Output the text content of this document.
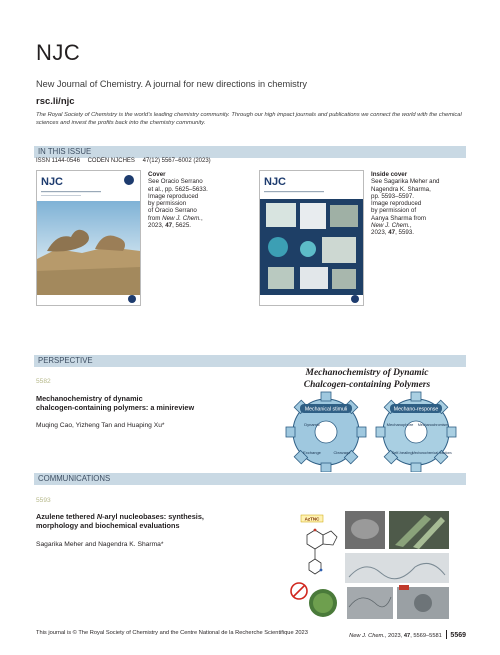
NJC
New Journal of Chemistry. A journal for new directions in chemistry
rsc.li/njc
The Royal Society of Chemistry is the world’s leading chemistry community. Through our high impact journals and publications we connect the world with the chemical sciences and invest the profits back into the chemistry community.
IN THIS ISSUE
ISSN 1144-0546 CODEN NJCHES 47(12) 5567–6002 (2023)
NJC
Cover
See Oracio Serrano
et al., pp. 5625–5633.
Image reproduced
by permission
of Oracio Serrano
from New J. Chem.,
2023, 47, 5625.
NJC
Inside cover
See Sagarika Meher and
Nagendra K. Sharma,
pp. 5593–5597.
Image reproduced
by permission of
Aanya Sharma from
New J. Chem.,
2023, 47, 5593.
PERSPECTIVE
5582
Mechanochemistry of dynamic
chalcogen-containing polymers: a minireview
Muqing Cao, Yizheng Tan and Huaping Xu*
Mechanochemistry of Dynamic
Chalcogen-containing Polymers
Mechanical stimuli
Dynamic
Exchange	Cleavage
Mechano-response
Mechanophore Mechanochromism
Self-healing Mechanochemical reactions
COMMUNICATIONS
5593
Azulene tethered N-aryl nucleobases: synthesis,
morphology and biochemical evaluations
Sagarika Meher and Nagendra K. Sharma*
AzTNC
This journal is © The Royal Society of Chemistry and the Centre National de la Recherche Scientifique 2023	New J. Chem., 2023, 47, 5569–5581 5569
